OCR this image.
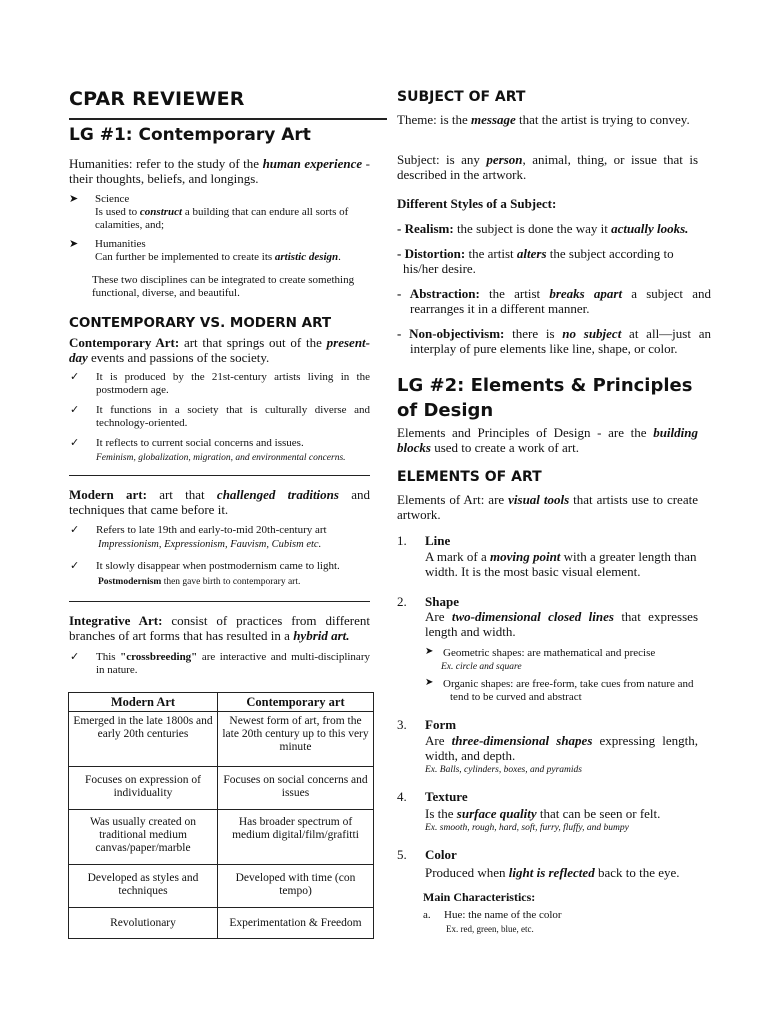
CPAR REVIEWER
LG #1: Contemporary Art

Humanities: refer to the study of the human experience - their thoughts, beliefs, and longings.

➤ Science
Is used to construct a building that can endure all sorts of calamities, and;
➤ Humanities
Can further be implemented to create its artistic design.
These two disciplines can be integrated to create something functional, diverse, and beautiful.
CONTEMPORARY VS. MODERN ART

Contemporary Art: art that springs out of the present-day events and passions of the society.

✓ It is produced by the 21st-century artists living in the postmodern age.
✓ It functions in a society that is culturally diverse and technology-oriented.
✓ It reflects to current social concerns and issues.
Feminism, globalization, migration, and environmental concerns.

Modern art: art that challenged traditions and techniques that came before it.

✓ Refers to late 19th and early-to-mid 20th-century art
Impressionism, Expressionism, Fauvism, Cubism etc.
✓ It slowly disappear when postmodernism came to light.
Postmodernism then gave birth to contemporary art.

Integrative Art: consist of practices from different branches of art forms that has resulted in a hybrid art.

✓ This "crossbreeding" are interactive and multi-disciplinary in nature.
Modern Art	Contemporary art
Emerged in the late 1800s and early 20th centuries	Newest form of art, from the late 20th century up to this very minute
Focuses on expression of individuality	Focuses on social concerns and issues
Was usually created on traditional medium canvas/paper/marble	Has broader spectrum of medium digital/film/grafitti
Developed as styles and techniques	Developed with time (con tempo)
Revolutionary	Experimentation & Freedom
SUBJECT OF ART

Theme: is the message that the artist is trying to convey.

Subject: is any person, animal, thing, or issue that is described in the artwork.

Different Styles of a Subject:

- Realism: the subject is done the way it actually looks.

- Distortion: the artist alters the subject according to his/her desire.

- Abstraction: the artist breaks apart a subject and rearranges it in a different manner.

- Non-objectivism: there is no subject at all—just an interplay of pure elements like line, shape, or color.

LG #2: Elements & Principles of Design

Elements and Principles of Design - are the building blocks used to create a work of art.

ELEMENTS OF ART

Elements of Art: are visual tools that artists use to create artwork.

1. Line

A mark of a moving point with a greater length than width. It is the most basic visual element.

2. Shape

Are two-dimensional closed lines that expresses length and width.

➤ Geometric shapes: are mathematical and precise
Ex. circle and square
➤ Organic shapes: are free-form, take cues from nature and tend to be curved and abstract
3. Form

Are three-dimensional shapes expressing length, width, and depth.

Ex. Balls, cylinders, boxes, and pyramids
4. Texture

Is the surface quality that can be seen or felt.

Ex. smooth, rough, hard, soft, furry, fluffy, and bumpy
5. Color

Produced when light is reflected back to the eye.

Main Characteristics:
a. Hue: the name of the color
Ex. red, green, blue, etc.
